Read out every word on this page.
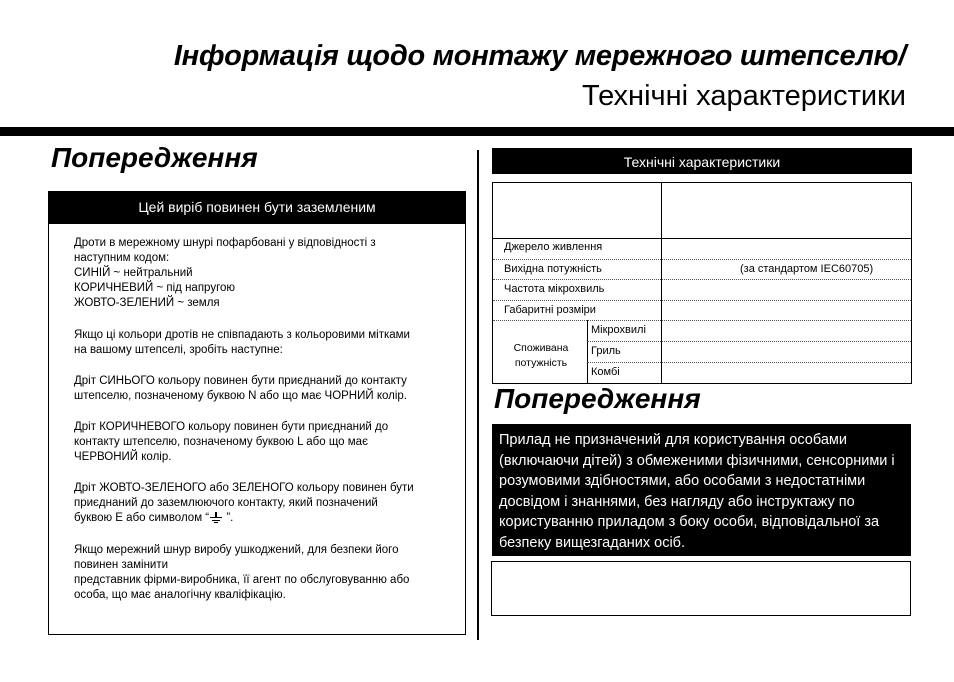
Інформація щодо монтажу мережного штепселю/
Технічні характеристики
Попередження
Цей виріб повинен бути заземленим
Дроти в мережному шнурі пофарбовані у відповідності з
наступним кодом:
СИНІЙ ~ нейтральний
КОРИЧНЕВИЙ ~ під напругою
ЖОВТО-ЗЕЛЕНИЙ ~ земля
Якщо ці кольори дротів не співпадають з кольоровими мітками
на вашому штепселі, зробіть наступне:
Дріт СИНЬОГО кольору повинен бути приєднаний до контакту
штепселю, позначеному буквою N або що має ЧОРНИЙ колір.
Дріт КОРИЧНЕВОГО кольору повинен бути приєднаний до
контакту штепселю, позначеному буквою L або що має
ЧЕРВОНИЙ колір.
Дріт ЖОВТО-ЗЕЛЕНОГО або ЗЕЛЕНОГО кольору повинен бути
приєднаний до заземлюючого контакту, який позначений
буквою E або символом “
”.
Якщо мережний шнур виробу ушкоджений, для безпеки його
повинен замінити
представник фірми-виробника, її агент по обслуговуванню або
особа, що має аналогічну кваліфікацію.
Технічні характеристики
Джерело живлення
Вихідна потужність	(за стандартом IEC60705)
Частота мікрохвиль
Габаритні розміри
Споживана потужність
Мікрохвилі
Гриль
Комбі
Попередження
Прилад не призначений для користування особами (включаючи дітей) з обмеженими фізичними, сенсорними і розумовими здібностями, або особами з недостатніми досвідом і знаннями, без нагляду або інструктажу по користуванню приладом з боку особи, відповідальної за безпеку вищезгаданих осіб.
